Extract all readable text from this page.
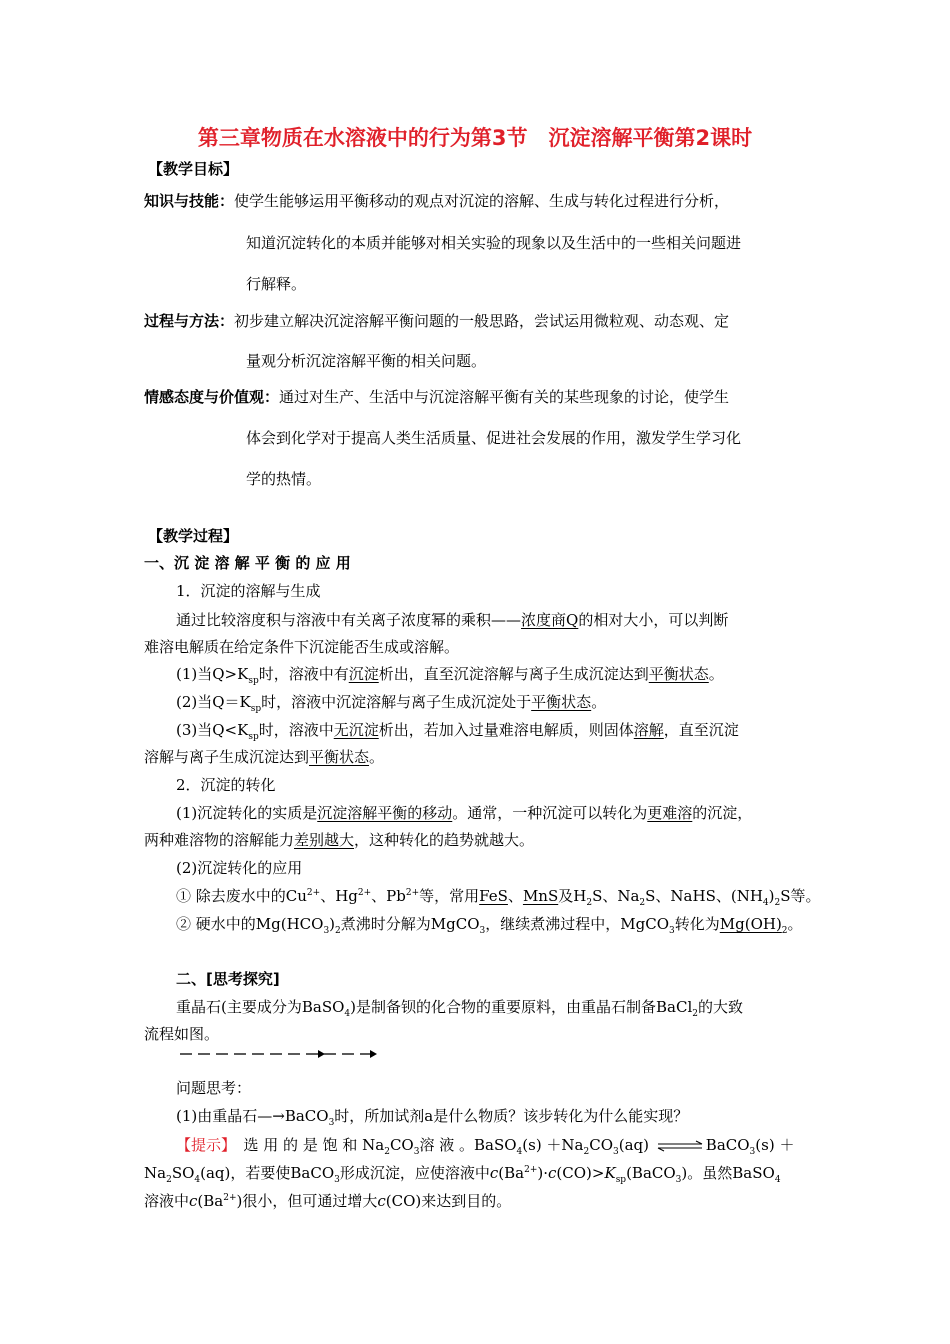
第三章物质在水溶液中的行为第3节　沉淀溶解平衡第2课时
【教学目标】
知识与技能：使学生能够运用平衡移动的观点对沉淀的溶解、生成与转化过程进行分析，
知道沉淀转化的本质并能够对相关实验的现象以及生活中的一些相关问题进
行解释。
过程与方法：初步建立解决沉淀溶解平衡问题的一般思路，尝试运用微粒观、动态观、定
量观分析沉淀溶解平衡的相关问题。
情感态度与价值观：通过对生产、生活中与沉淀溶解平衡有关的某些现象的讨论，使学生
体会到化学对于提高人类生活质量、促进社会发展的作用，激发学生学习化
学的热情。
【教学过程】
一、沉 淀 溶 解 平 衡 的 应 用
1．沉淀的溶解与生成
通过比较溶度积与溶液中有关离子浓度幂的乘积——浓度商Q的相对大小，可以判断
难溶电解质在给定条件下沉淀能否生成或溶解。
(1)当$Q>K_{sp}$时，溶液中有沉淀析出，直至沉淀溶解与离子生成沉淀达到平衡状态。
(2)当$Q=K_{sp}$时，溶液中沉淀溶解与离子生成沉淀处于平衡状态。
(3)当$Q<K_{sp}$时，溶液中无沉淀析出，若加入过量难溶电解质，则固体溶解，直至沉淀
溶解与离子生成沉淀达到平衡状态。
2．沉淀的转化
(1)沉淀转化的实质是沉淀溶解平衡的移动。通常，一种沉淀可以转化为更难溶的沉淀，
两种难溶物的溶解能力差别越大，这种转化的趋势就越大。
(2)沉淀转化的应用
① 除去废水中的$Cu^{2+}$、$Hg^{2+}$、$Pb^{2+}$等，常用FeS、MnS及$H_2S$、$Na_2S$、NaHS、$(NH_4)_2S$等。
② 硬水中的$Mg(HCO_3)_2$煮沸时分解为MgCO$_3$，继续煮沸过程中，MgCO$_3$转化为$Mg(OH)_2$。
二、[思考探究]
重晶石(主要成分为BaSO$_4$)是制备钡的化合物的重要原料，由重晶石制备BaCl$_2$的大致
流程如图。
问题思考：
(1)由重晶石—→BaCO$_3$时，所加试剂a是什么物质？该步转化为什么能实现？
【提示】　选 用 的 是 饱 和 $Na_2CO_3$溶 液 。BaSO$_4$(s) $+Na_2CO_3(aq)$ ⇌BaCO$_3$(s) ＋
$Na_2SO_4(aq)$，若要使BaCO$_3$形成沉淀，应使溶液中$c(Ba^{2+})\cdot c(CO)>K_{sp}(BaCO_3)$。虽然BaSO$_4$
溶液中$c(Ba^{2+})$很小，但可通过增大c(CO)来达到目的。
